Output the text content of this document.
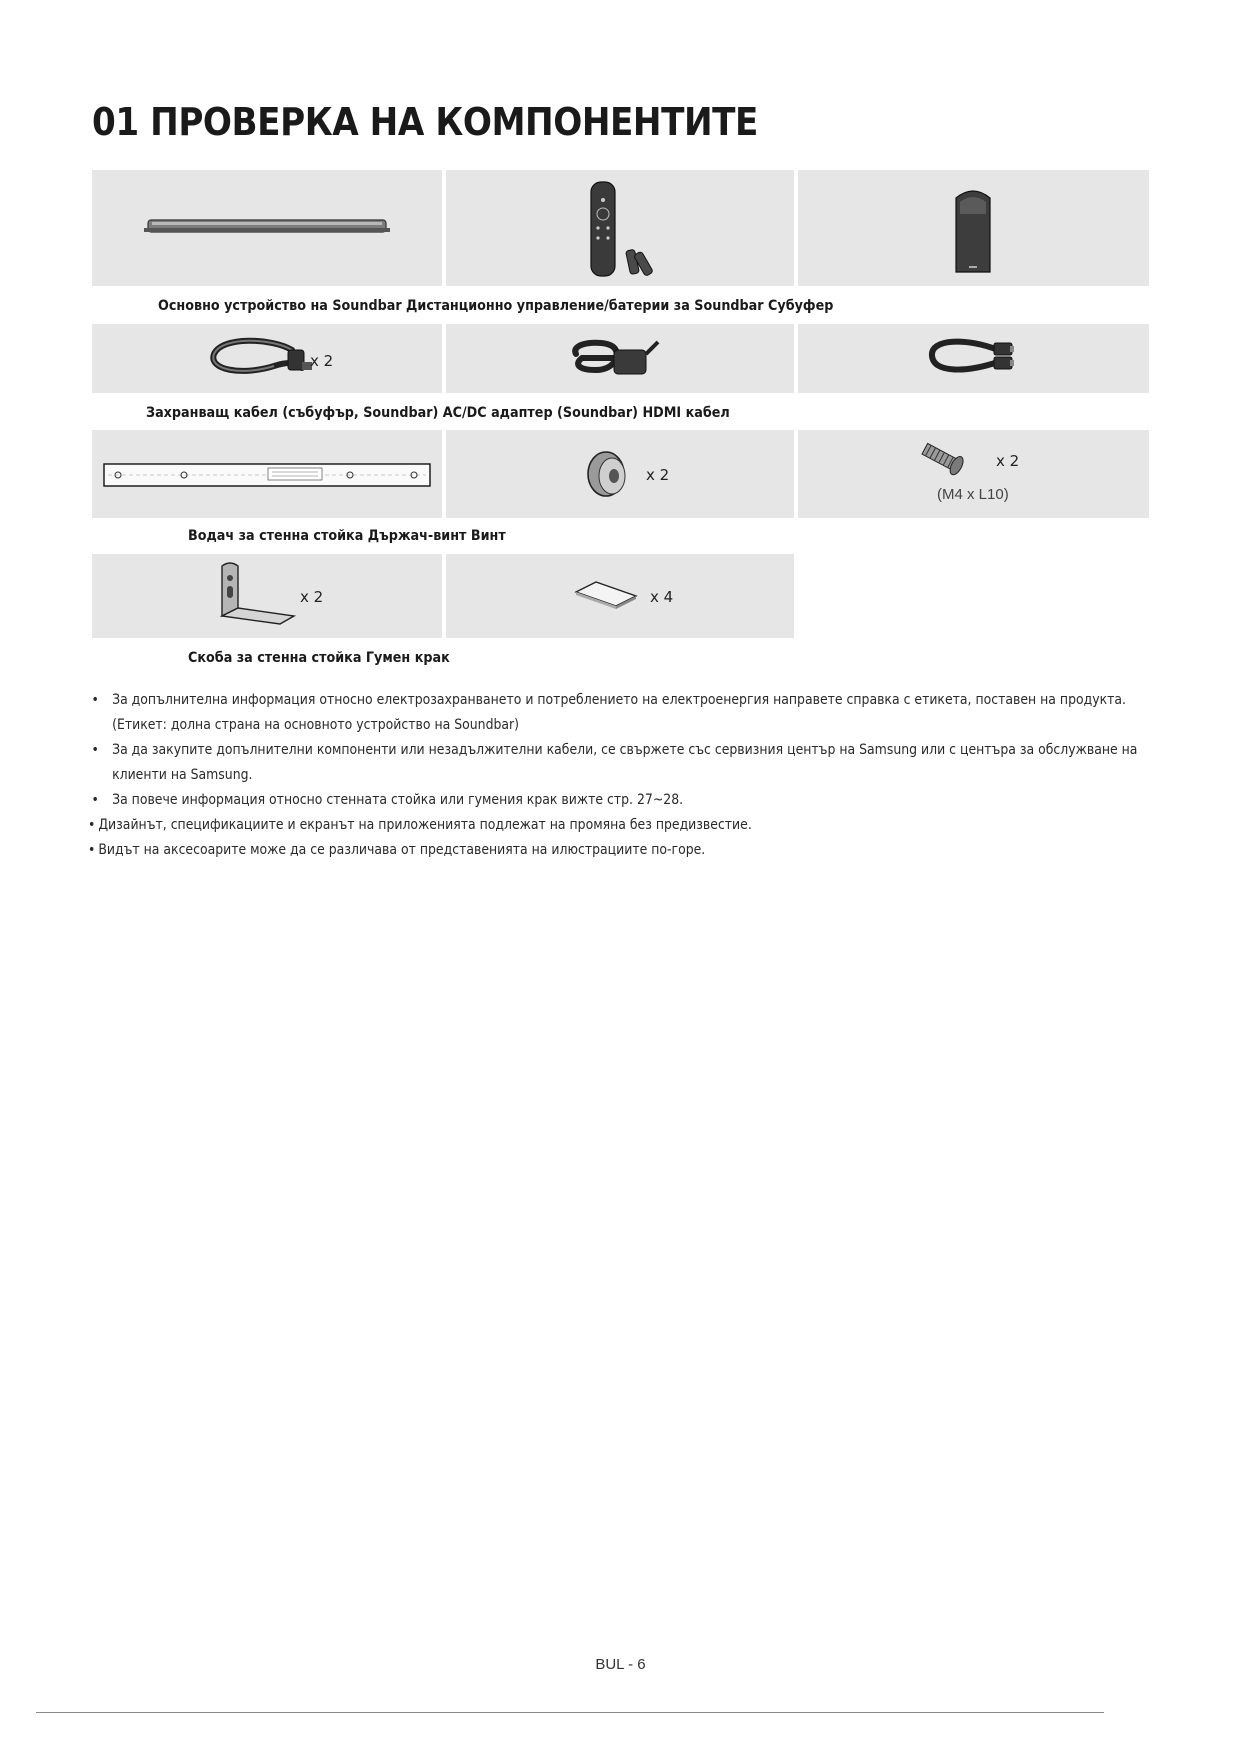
01 ПРОВЕРКА НА КОМПОНЕНТИТЕ
Основно устройство на Soundbar Дистанционно управление/батерии за Soundbar Субуфер
x 2
Захранващ кабел (събуфър, Soundbar) AC/DC адаптер (Soundbar) HDMI кабел
x 2
x 2
(M4 x L10)
Водач за стенна стойка Държач-винт Винт
x 2	x 4
Скоба за стенна стойка Гумен крак
• За допълнителна информация относно електрозахранването и потреблението на електроенергия направете справка с етикета, поставен на продукта.
(Етикет: долна страна на основното устройство на Soundbar)
• За да закупите допълнителни компоненти или незадължителни кабели, се свържете със сервизния център на Samsung или с центъра за обслужване на
клиенти на Samsung.
• За повече информация относно стенната стойка или гумения крак вижте стр. 27~28.
• Дизайнът, спецификациите и екранът на приложенията подлежат на промяна без предизвестие.
• Видът на аксесоарите може да се различава от представенията на илюстрациите по-горе.
BUL - 6
